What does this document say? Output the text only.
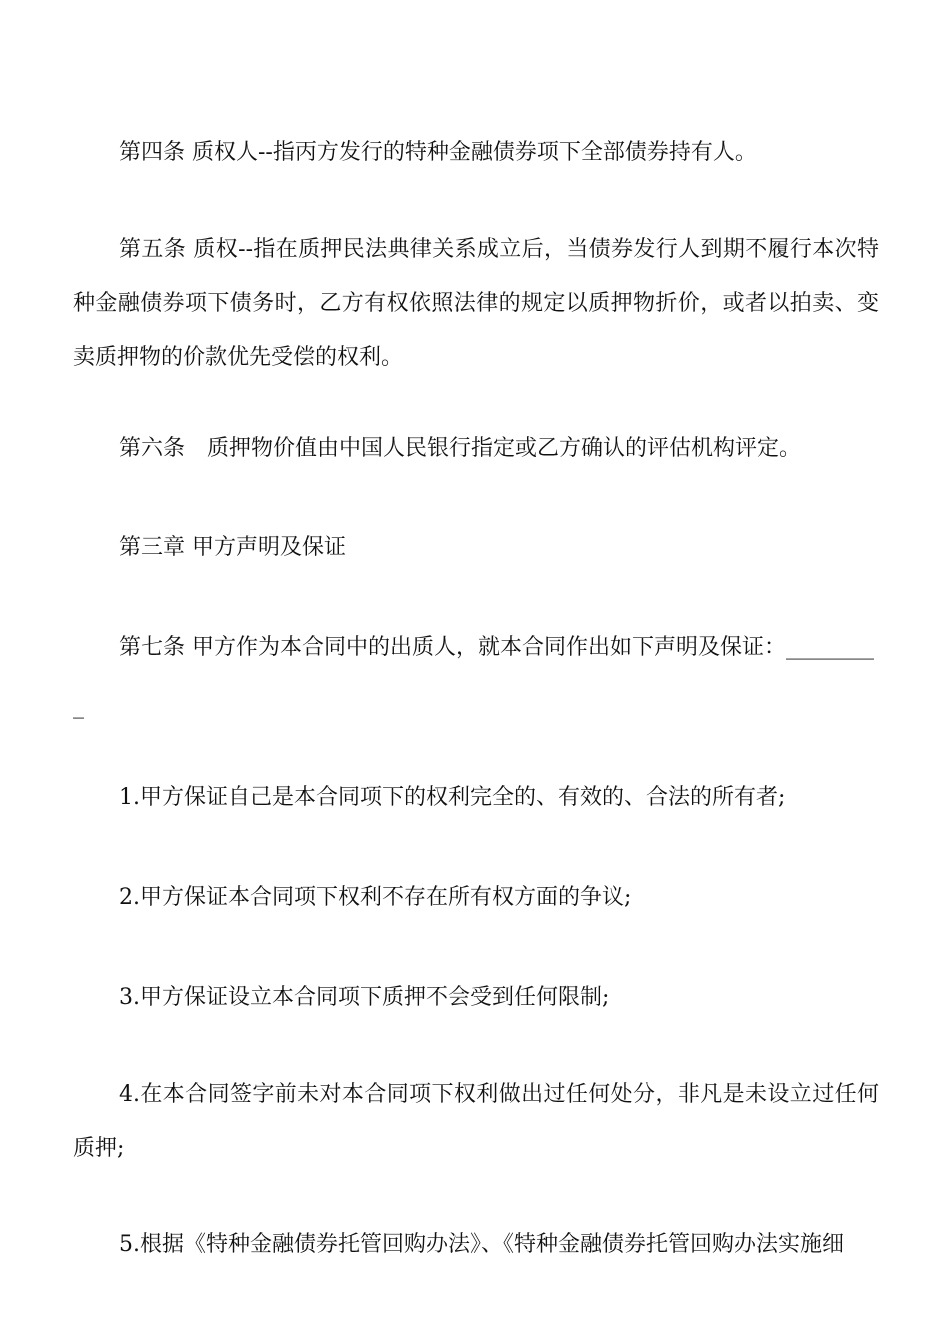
第四条 质权人--指丙方发行的特种金融债券项下全部债券持有人。

第五条 质权--指在质押民法典律关系成立后，当债券发行人到期不履行本次特种金融债券项下债务时，乙方有权依照法律的规定以质押物折价，或者以拍卖、变卖质押物的价款优先受偿的权利。

第六条　质押物价值由中国人民银行指定或乙方确认的评估机构评定。

第三章 甲方声明及保证

第七条 甲方作为本合同中的出质人，就本合同作出如下声明及保证：________

_

1.甲方保证自己是本合同项下的权利完全的、有效的、合法的所有者;

2.甲方保证本合同项下权利不存在所有权方面的争议;

3.甲方保证设立本合同项下质押不会受到任何限制;

4.在本合同签字前未对本合同项下权利做出过任何处分，非凡是未设立过任何质押;

5.根据《特种金融债券托管回购办法》、《特种金融债券托管回购办法实施细
